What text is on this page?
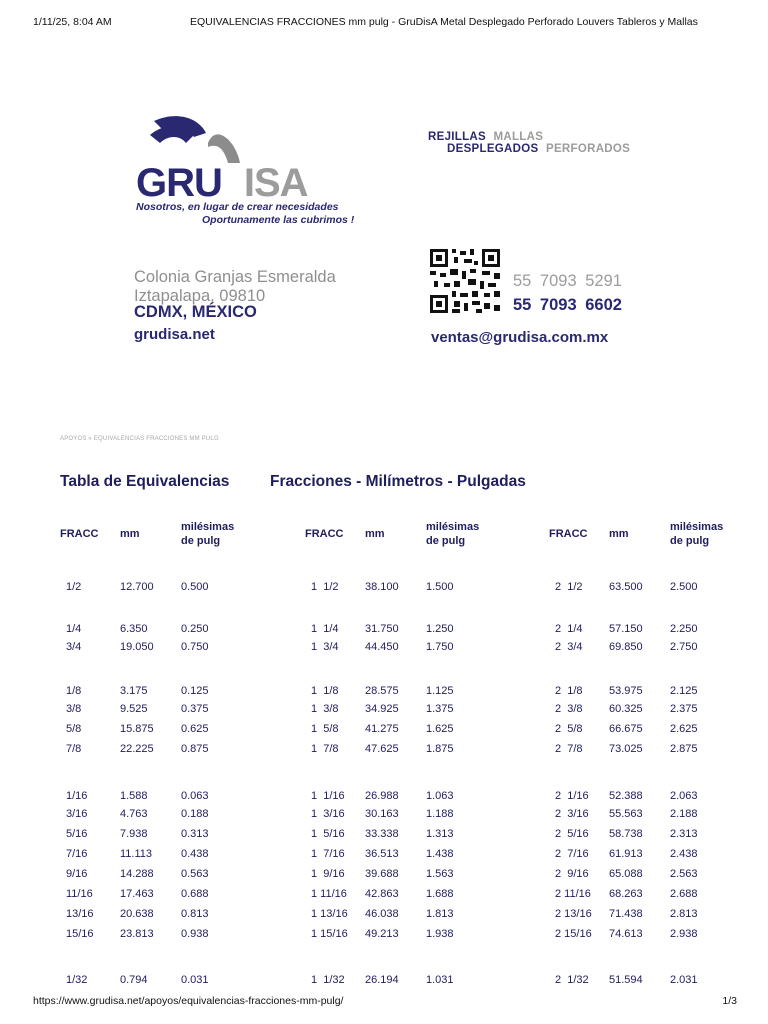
1/11/25, 8:04 AM	EQUIVALENCIAS FRACCIONES mm pulg - GruDisA Metal Desplegado Perforado Louvers Tableros y Mallas
GRU ISA
Nosotros, en lugar de crear necesidades
Oportunamente las cubrimos !
REJILLAS MALLAS
DESPLEGADOS PERFORADOS
Colonia Granjas Esmeralda
Iztapalapa, 09810
CDMX, MÉXICO
grudisa.net
55 7093 5291
55 7093 6602
ventas@grudisa.com.mx
APOYOS » EQUIVALENCIAS FRACCIONES MM PULG
Tabla de Equivalencias	Fracciones - Milímetros - Pulgadas
FRACC mm
milésimas
de pulg
1/2	12.700 0.500
1/4	6.350	0.250
3/4	19.050 0.750
1/8	3.175	0.125
3/8	9.525	0.375
5/8	15.875 0.625
7/8	22.225 0.875
1/16	1.588	0.063
3/16	4.763	0.188
5/16	7.938	0.313
7/16	11.113	0.438
9/16	14.288 0.563
11/16 17.463 0.688
13/16 20.638 0.813
15/16 23.813 0.938
1/32	0.794	0.031
FRACC mm
milésimas
de pulg
1  1/2 38.100 1.500
1  1/4 31.750 1.250
1  3/4 44.450 1.750
1  1/8 28.575 1.125
1  3/8 34.925 1.375
1  5/8 41.275 1.625
1  7/8 47.625 1.875
1  1/16 26.988 1.063
1  3/16 30.163 1.188
1  5/16 33.338 1.313
1  7/16 36.513 1.438
1  9/16 39.688 1.563
1 11/16 42.863 1.688
1 13/16 46.038 1.813
1 15/16 49.213 1.938
1  1/32 26.194 1.031
FRACC mm
milésimas
de pulg
2  1/2 63.500 2.500
2  1/4 57.150 2.250
2  3/4 69.850 2.750
2  1/8 53.975 2.125
2  3/8 60.325 2.375
2  5/8 66.675 2.625
2  7/8 73.025 2.875
2  1/16 52.388 2.063
2  3/16 55.563 2.188
2  5/16 58.738 2.313
2  7/16 61.913 2.438
2  9/16 65.088 2.563
2 11/16 68.263 2.688
2 13/16 71.438 2.813
2 15/16 74.613 2.938
2  1/32 51.594 2.031
https://www.grudisa.net/apoyos/equivalencias-fracciones-mm-pulg/	1/3
